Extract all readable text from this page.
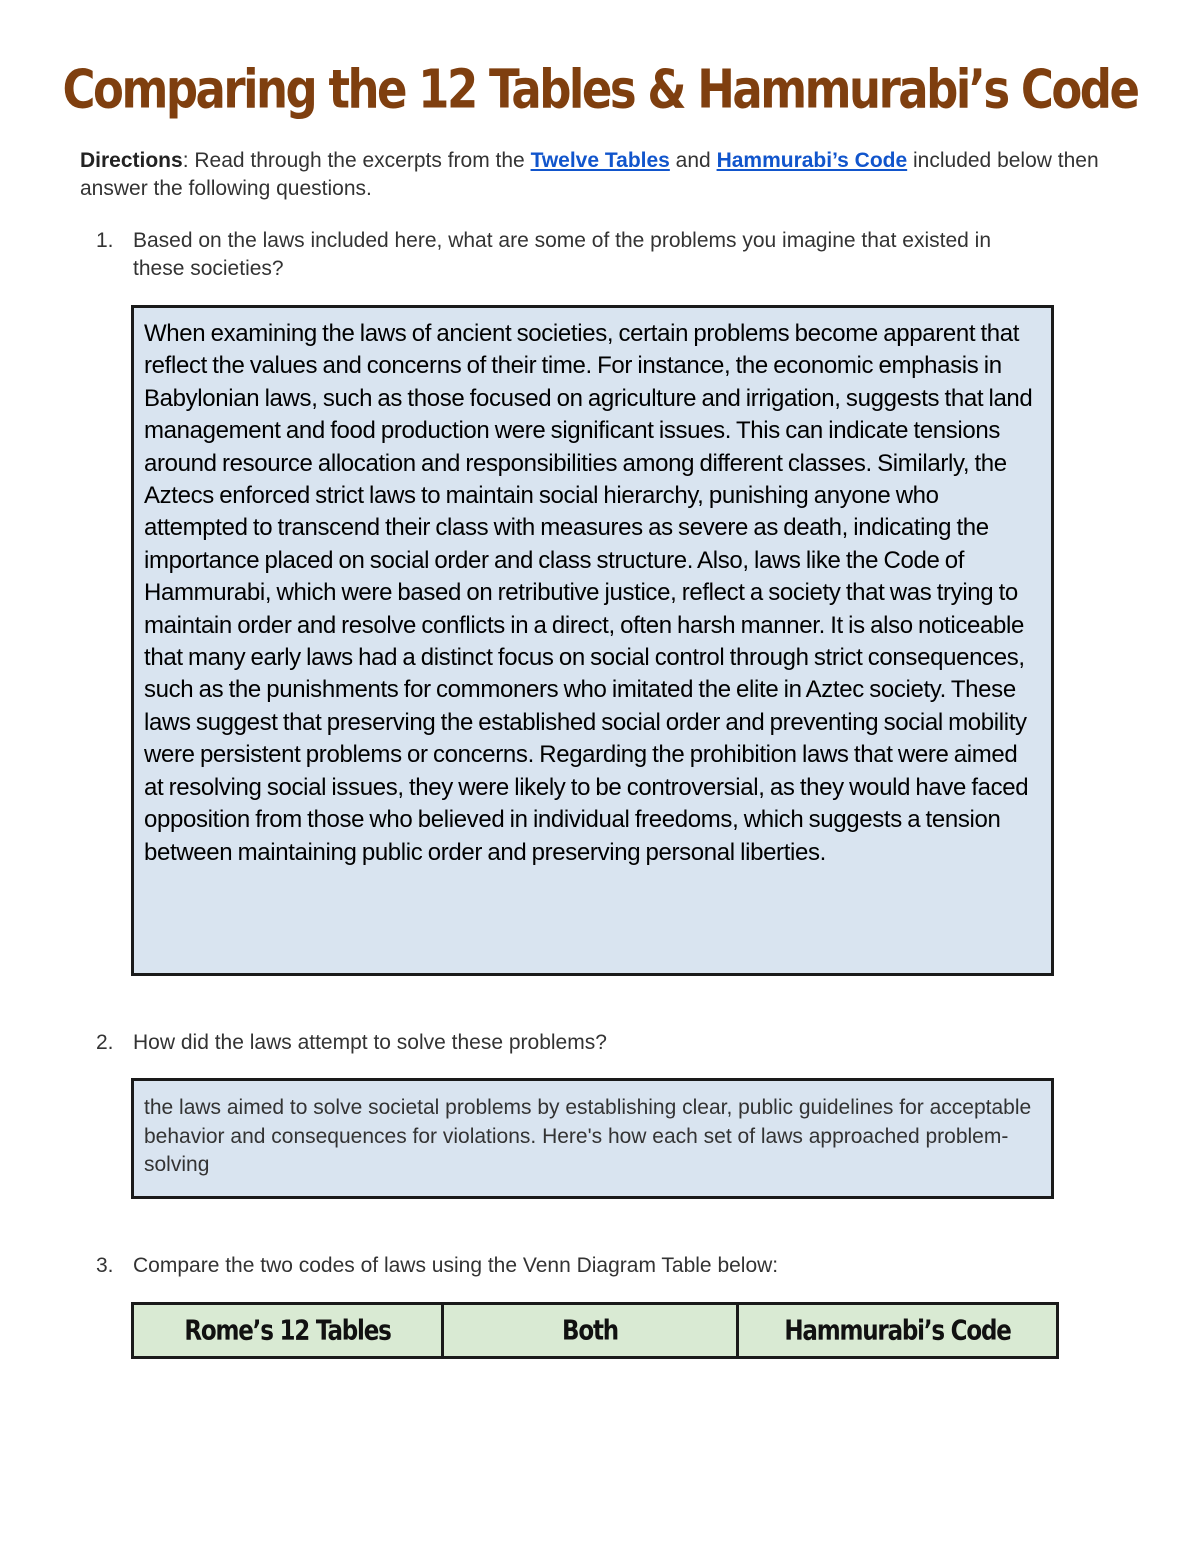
Comparing the 12 Tables & Hammurabi’s Code
Directions: Read through the excerpts from the Twelve Tables and Hammurabi’s Code included below then answer the following questions.
1. Based on the laws included here, what are some of the problems you imagine that existed in these societies?
When examining the laws of ancient societies, certain problems become apparent that reflect the values and concerns of their time. For instance, the economic emphasis in Babylonian laws, such as those focused on agriculture and irrigation, suggests that land management and food production were significant issues. This can indicate tensions around resource allocation and responsibilities among different classes. Similarly, the Aztecs enforced strict laws to maintain social hierarchy, punishing anyone who attempted to transcend their class with measures as severe as death, indicating the importance placed on social order and class structure. Also, laws like the Code of Hammurabi, which were based on retributive justice, reflect a society that was trying to maintain order and resolve conflicts in a direct, often harsh manner. It is also noticeable that many early laws had a distinct focus on social control through strict consequences, such as the punishments for commoners who imitated the elite in Aztec society. These laws suggest that preserving the established social order and preventing social mobility were persistent problems or concerns. Regarding the prohibition laws that were aimed at resolving social issues, they were likely to be controversial, as they would have faced opposition from those who believed in individual freedoms, which suggests a tension between maintaining public order and preserving personal liberties.
2. How did the laws attempt to solve these problems?
the laws aimed to solve societal problems by establishing clear, public guidelines for acceptable behavior and consequences for violations. Here's how each set of laws approached problem-solving
3. Compare the two codes of laws using the Venn Diagram Table below:
Rome’s 12 Tables	Both	Hammurabi’s Code
